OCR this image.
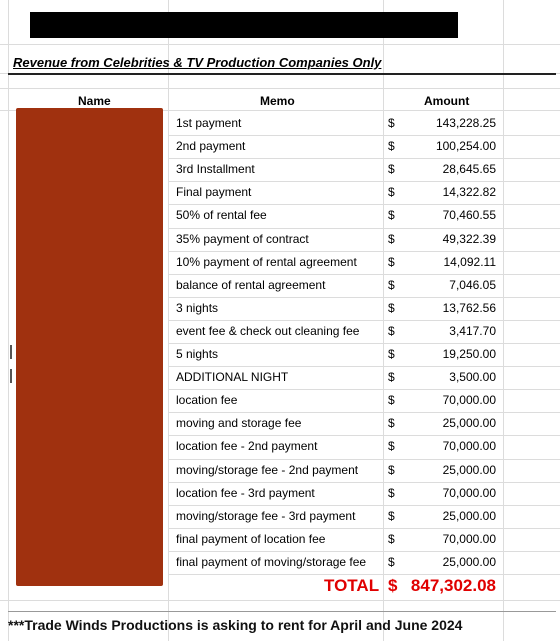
Revenue from Celebrities & TV Production Companies Only
Name	Memo	Amount
1st payment	$	143,228.25
2nd payment	$	100,254.00
3rd Installment	$	28,645.65
Final payment	$	14,322.82
50% of rental fee	$	70,460.55
35% payment of contract	$	49,322.39
10% payment of rental agreement	$	14,092.11
balance of rental agreement	$	7,046.05
3 nights	$	13,762.56
event fee & check out cleaning fee $	3,417.70
5 nights	$	19,250.00
ADDITIONAL NIGHT	$	3,500.00
location fee	$	70,000.00
moving and storage fee	$	25,000.00
location fee - 2nd payment	$	70,000.00
moving/storage fee - 2nd payment $	25,000.00
location fee - 3rd payment	$	70,000.00
moving/storage fee - 3rd payment	$	25,000.00
final payment of location fee	$	70,000.00
final payment of moving/storage fee $	25,000.00
TOTAL $ 847,302.08
***Trade Winds Productions is asking to rent for April and June 2024
